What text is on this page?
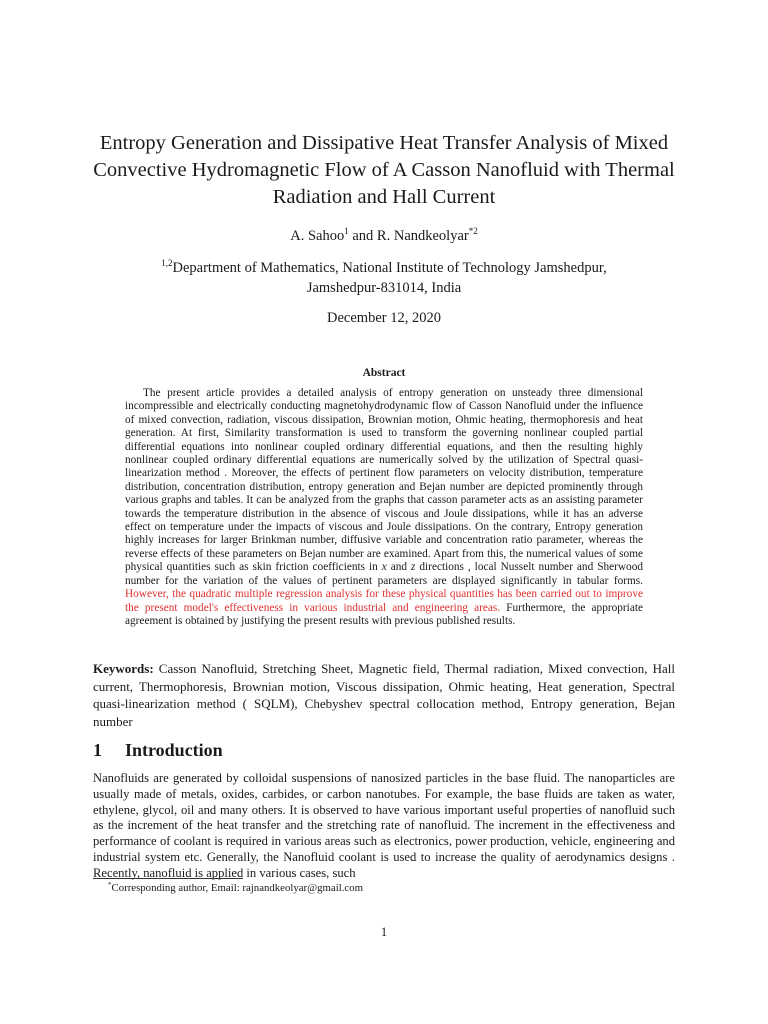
Entropy Generation and Dissipative Heat Transfer Analysis of Mixed Convective Hydromagnetic Flow of A Casson Nanofluid with Thermal Radiation and Hall Current
A. Sahoo$^1$ and R. Nandkeolyar$^{*2}$
$^{1,2}$Department of Mathematics, National Institute of Technology Jamshedpur,
Jamshedpur-831014, India
December 12, 2020
Abstract
The present article provides a detailed analysis of entropy generation on unsteady three dimensional incompressible and electrically conducting magnetohydrodynamic flow of Casson Nanofluid under the influence of mixed convection, radiation, viscous dissipation, Brownian motion, Ohmic heating, thermophoresis and heat generation. At first, Similarity transformation is used to transform the governing nonlinear coupled partial differential equations into nonlinear coupled ordinary differential equations, and then the resulting highly nonlinear coupled ordinary differential equations are numerically solved by the utilization of Spectral quasi-linearization method . Moreover, the effects of pertinent flow parameters on velocity distribution, temperature distribution, concentration distribution, entropy generation and Bejan number are depicted prominently through various graphs and tables. It can be analyzed from the graphs that casson parameter acts as an assisting parameter towards the temperature distribution in the absence of viscous and Joule dissipations, while it has an adverse effect on temperature under the impacts of viscous and Joule dissipations. On the contrary, Entropy generation highly increases for larger Brinkman number, diffusive variable and concentration ratio parameter, whereas the reverse effects of these parameters on Bejan number are examined. Apart from this, the numerical values of some physical quantities such as skin friction coefficients in x and z directions , local Nusselt number and Sherwood number for the variation of the values of pertinent parameters are displayed significantly in tabular forms. However, the quadratic multiple regression analysis for these physical quantities has been carried out to improve the present model's effectiveness in various industrial and engineering areas. Furthermore, the appropriate agreement is obtained by justifying the present results with previous published results.
Keywords: Casson Nanofluid, Stretching Sheet, Magnetic field, Thermal radiation, Mixed convection, Hall current, Thermophoresis, Brownian motion, Viscous dissipation, Ohmic heating, Heat generation, Spectral quasi-linearization method ( SQLM), Chebyshev spectral collocation method, Entropy generation, Bejan number
1 Introduction
Nanofluids are generated by colloidal suspensions of nanosized particles in the base fluid. The nanoparticles are usually made of metals, oxides, carbides, or carbon nanotubes. For example, the base fluids are taken as water, ethylene, glycol, oil and many others. It is observed to have various important useful properties of nanofluid such as the increment of the heat transfer and the stretching rate of nanofluid. The increment in the effectiveness and performance of coolant is required in various areas such as electronics, power production, vehicle, engineering and industrial system etc. Generally, the Nanofluid coolant is used to increase the quality of aerodynamics designs . Recently, nanofluid is applied in various cases, such
*Corresponding author, Email: rajnandkeolyar@gmail.com
1
